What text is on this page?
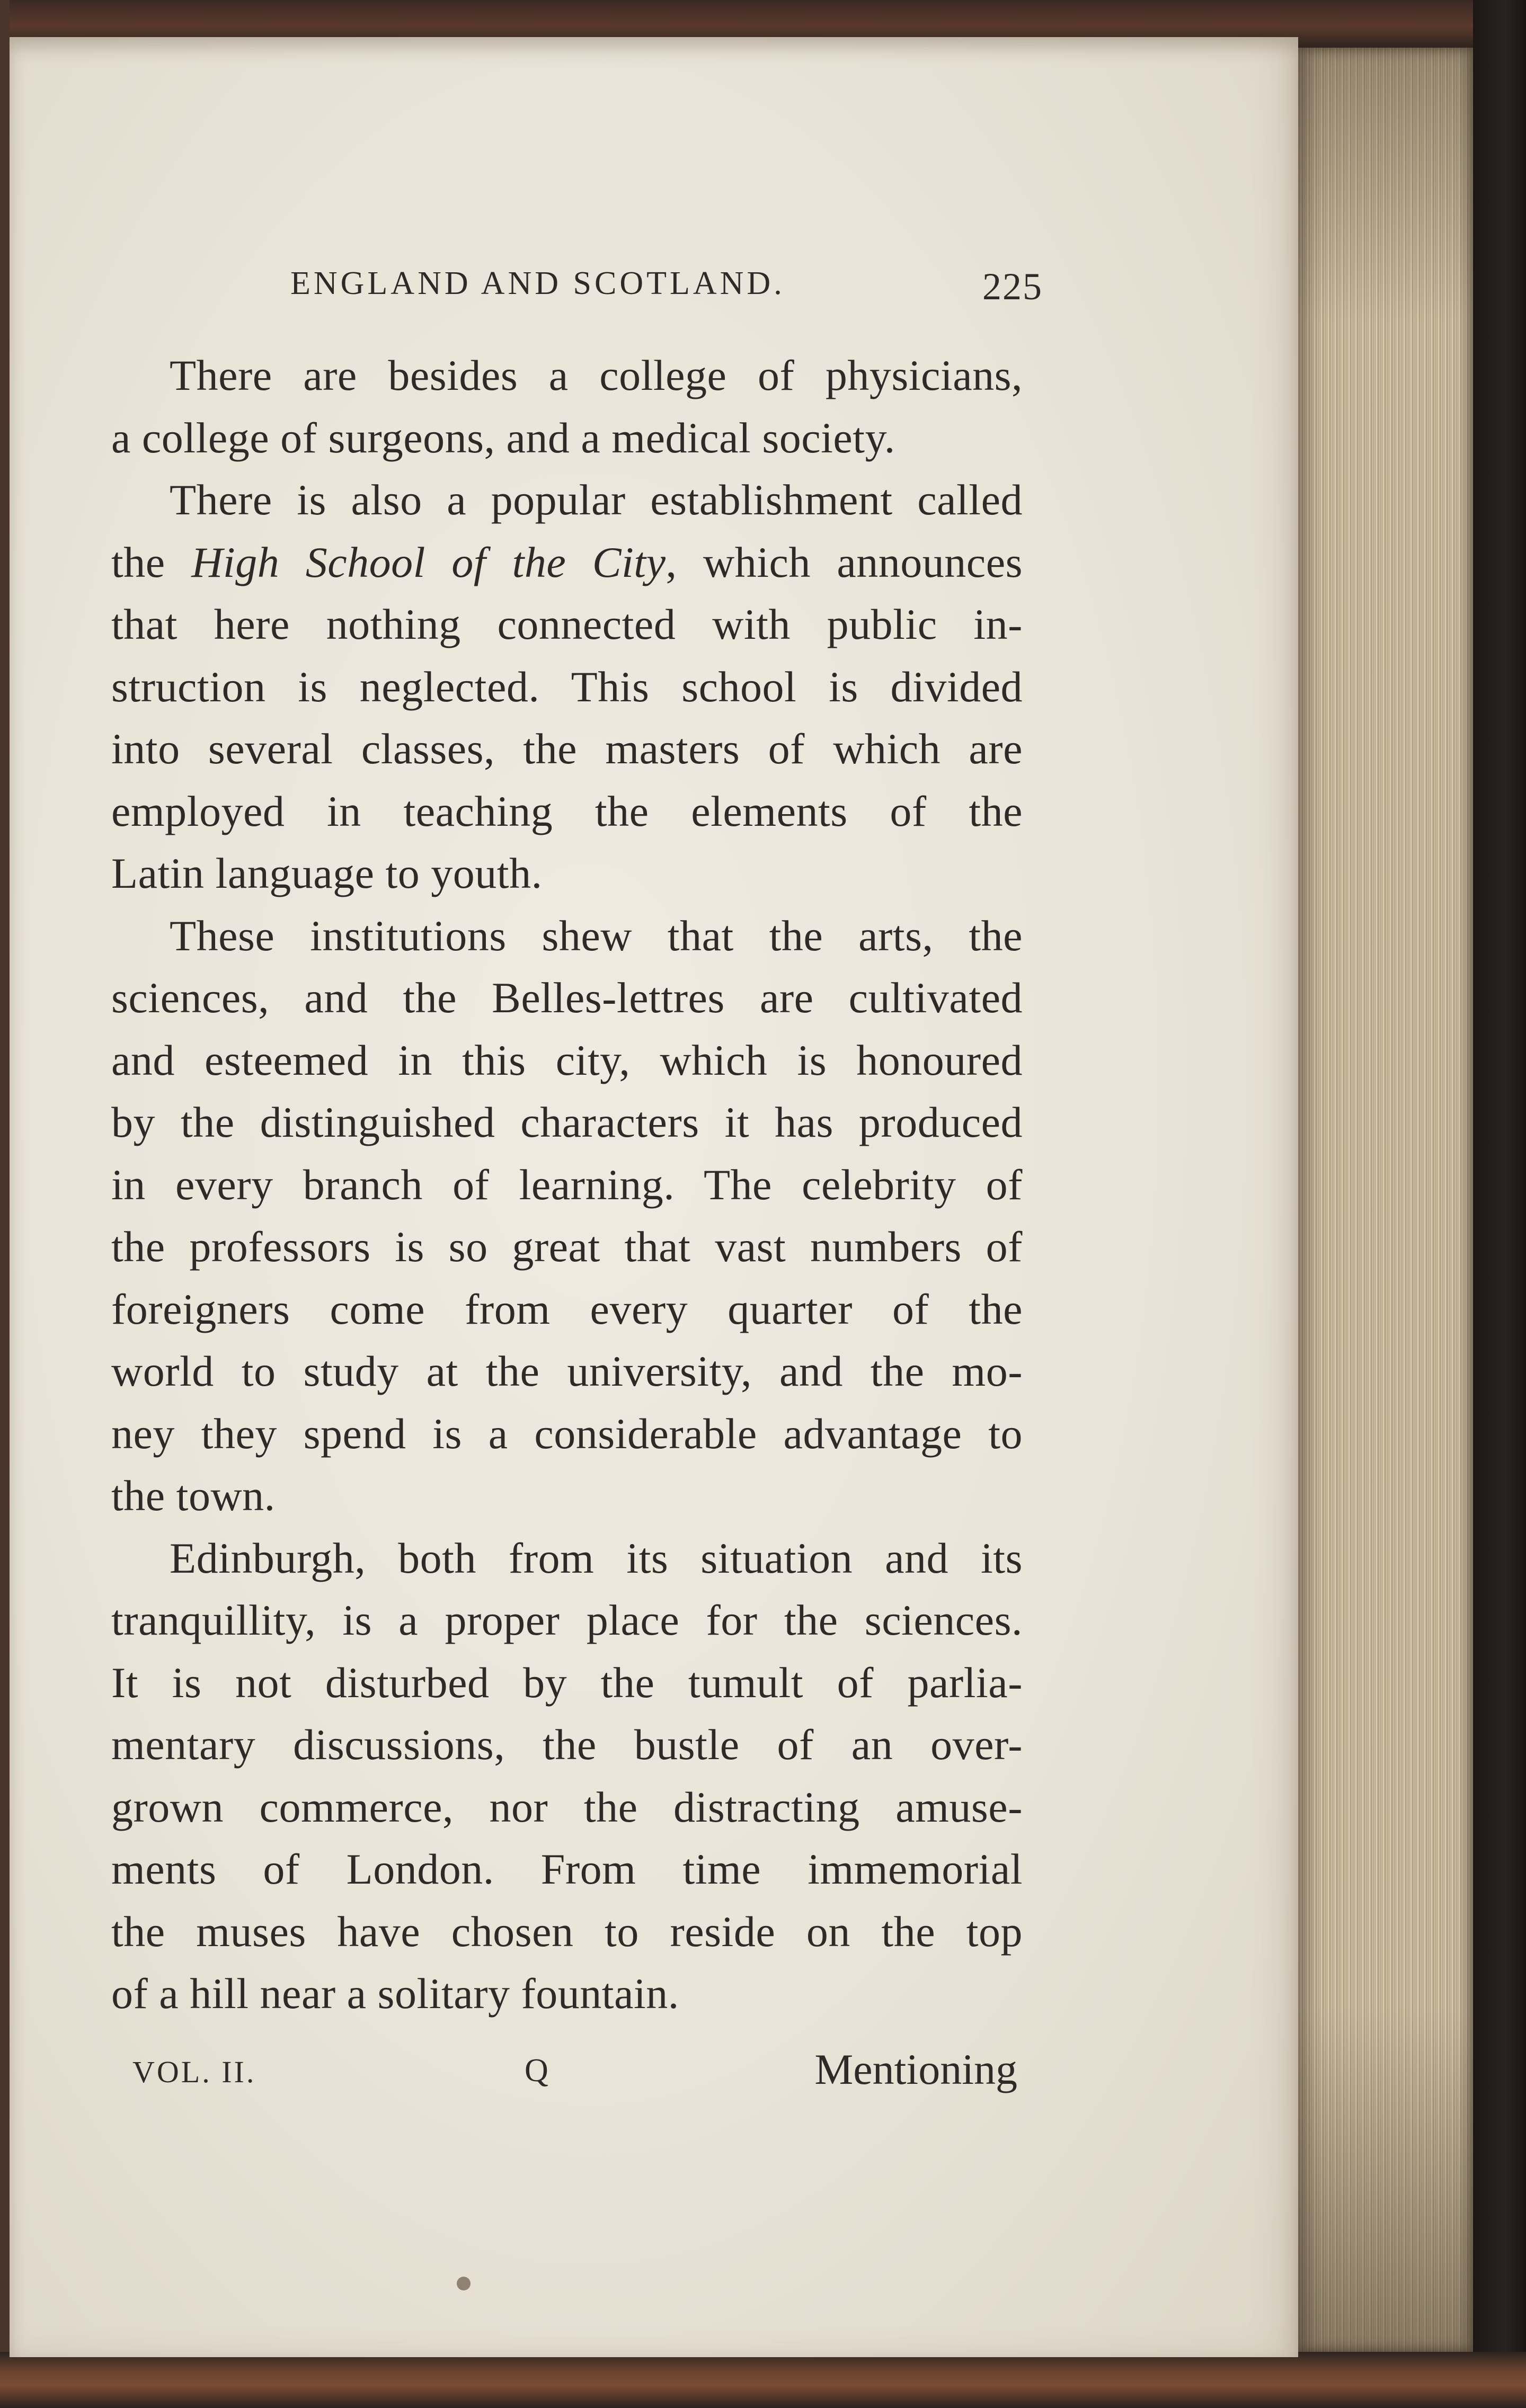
ENGLAND AND SCOTLAND.	225
There are besides a college of physicians,
a college of surgeons, and a medical society.
There is also a popular establishment called
the High School of the City, which announces
that here nothing connected with public in-
struction is neglected. This school is divided
into several classes, the masters of which are
employed in teaching the elements of the
Latin language to youth.
These institutions shew that the arts, the
sciences, and the Belles-lettres are cultivated
and esteemed in this city, which is honoured
by the distinguished characters it has produced
in every branch of learning. The celebrity of
the professors is so great that vast numbers of
foreigners come from every quarter of the
world to study at the university, and the mo-
ney they spend is a considerable advantage to
the town.
Edinburgh, both from its situation and its
tranquillity, is a proper place for the sciences.
It is not disturbed by the tumult of parlia-
mentary discussions, the bustle of an over-
grown commerce, nor the distracting amuse-
ments of London. From time immemorial
the muses have chosen to reside on the top
of a hill near a solitary fountain.
VOL. II.	Q	Mentioning
